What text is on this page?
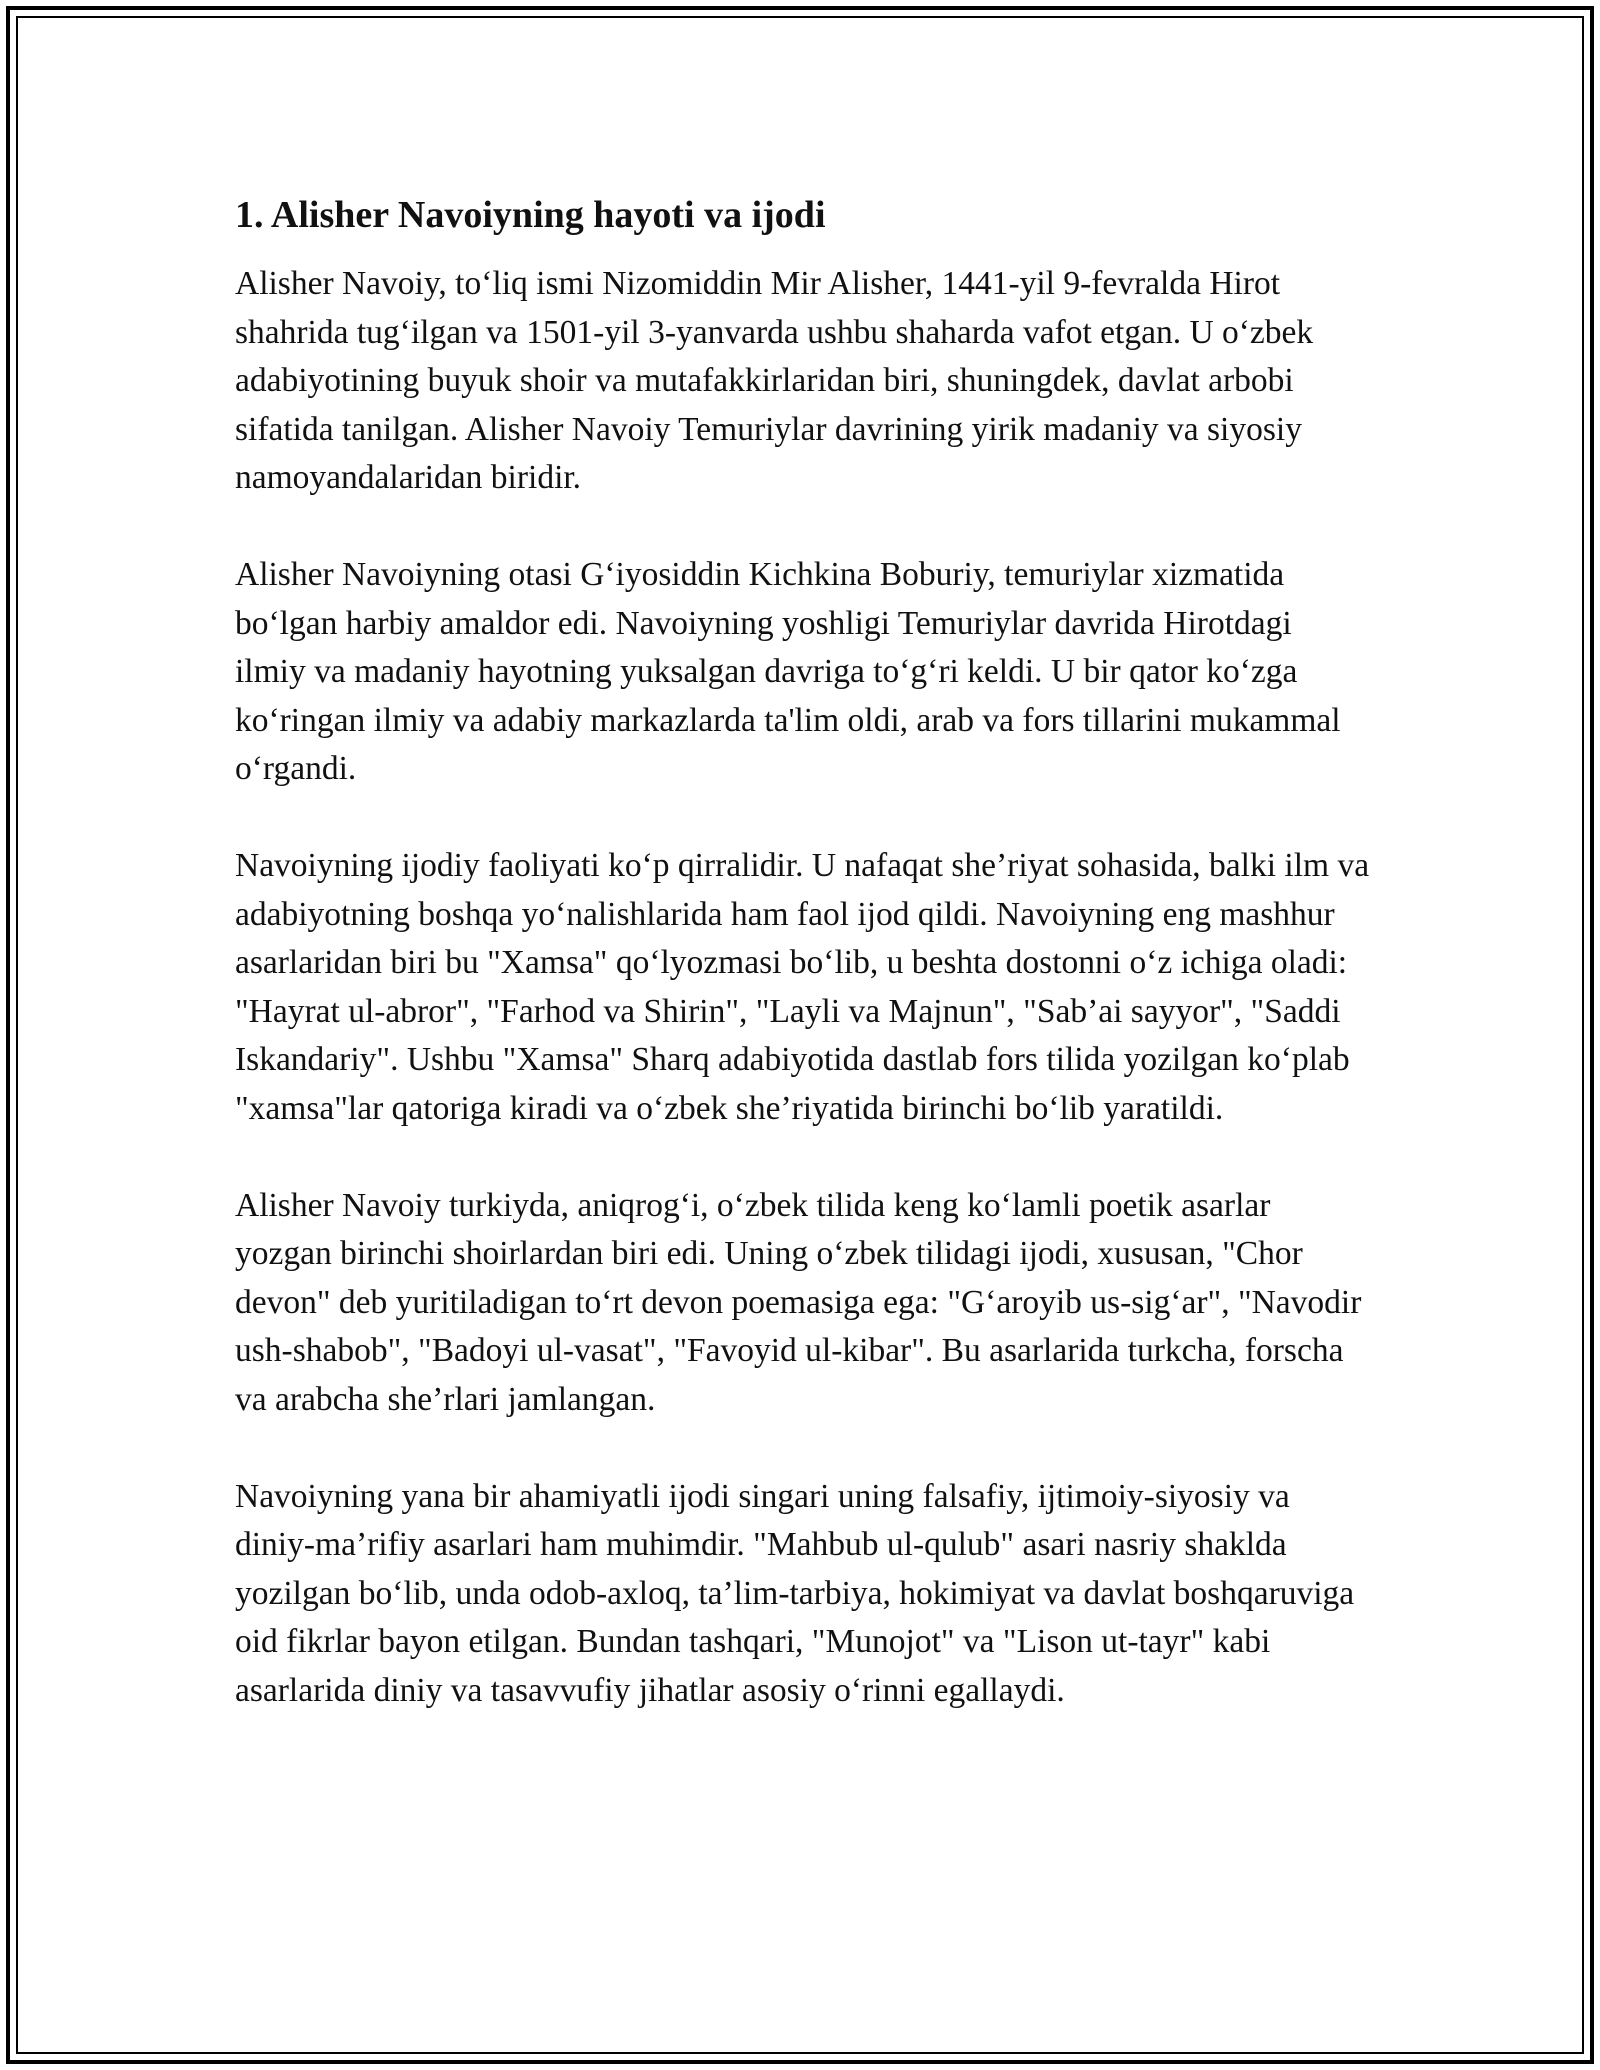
1. Alisher Navoiyning hayoti va ijodi

Alisher Navoiy, to‘liq ismi Nizomiddin Mir Alisher, 1441-yil 9-fevralda Hirot shahrida tug‘ilgan va 1501-yil 3-yanvarda ushbu shaharda vafot etgan. U o‘zbek adabiyotining buyuk shoir va mutafakkirlaridan biri, shuningdek, davlat arbobi sifatida tanilgan. Alisher Navoiy Temuriylar davrining yirik madaniy va siyosiy namoyandalaridan biridir.

Alisher Navoiyning otasi G‘iyosiddin Kichkina Boburiy, temuriylar xizmatida bo‘lgan harbiy amaldor edi. Navoiyning yoshligi Temuriylar davrida Hirotdagi ilmiy va madaniy hayotning yuksalgan davriga to‘g‘ri keldi. U bir qator ko‘zga ko‘ringan ilmiy va adabiy markazlarda ta'lim oldi, arab va fors tillarini mukammal o‘rgandi.

Navoiyning ijodiy faoliyati ko‘p qirralidir. U nafaqat she’riyat sohasida, balki ilm va adabiyotning boshqa yo‘nalishlarida ham faol ijod qildi. Navoiyning eng mashhur asarlaridan biri bu "Xamsa" qo‘lyozmasi bo‘lib, u beshta dostonni o‘z ichiga oladi: "Hayrat ul-abror", "Farhod va Shirin", "Layli va Majnun", "Sab’ai sayyor", "Saddi Iskandariy". Ushbu "Xamsa" Sharq adabiyotida dastlab fors tilida yozilgan ko‘plab "xamsa"lar qatoriga kiradi va o‘zbek she’riyatida birinchi bo‘lib yaratildi.

Alisher Navoiy turkiyda, aniqrog‘i, o‘zbek tilida keng ko‘lamli poetik asarlar yozgan birinchi shoirlardan biri edi. Uning o‘zbek tilidagi ijodi, xususan, "Chor devon" deb yuritiladigan to‘rt devon poemasiga ega: "G‘aroyib us-sig‘ar", "Navodir ush-shabob", "Badoyi ul-vasat", "Favoyid ul-kibar". Bu asarlarida turkcha, forscha va arabcha she’rlari jamlangan.

Navoiyning yana bir ahamiyatli ijodi singari uning falsafiy, ijtimoiy-siyosiy va diniy-ma’rifiy asarlari ham muhimdir. "Mahbub ul-qulub" asari nasriy shaklda yozilgan bo‘lib, unda odob-axloq, ta’lim-tarbiya, hokimiyat va davlat boshqaruviga oid fikrlar bayon etilgan. Bundan tashqari, "Munojot" va "Lison ut-tayr" kabi asarlarida diniy va tasavvufiy jihatlar asosiy o‘rinni egallaydi.
